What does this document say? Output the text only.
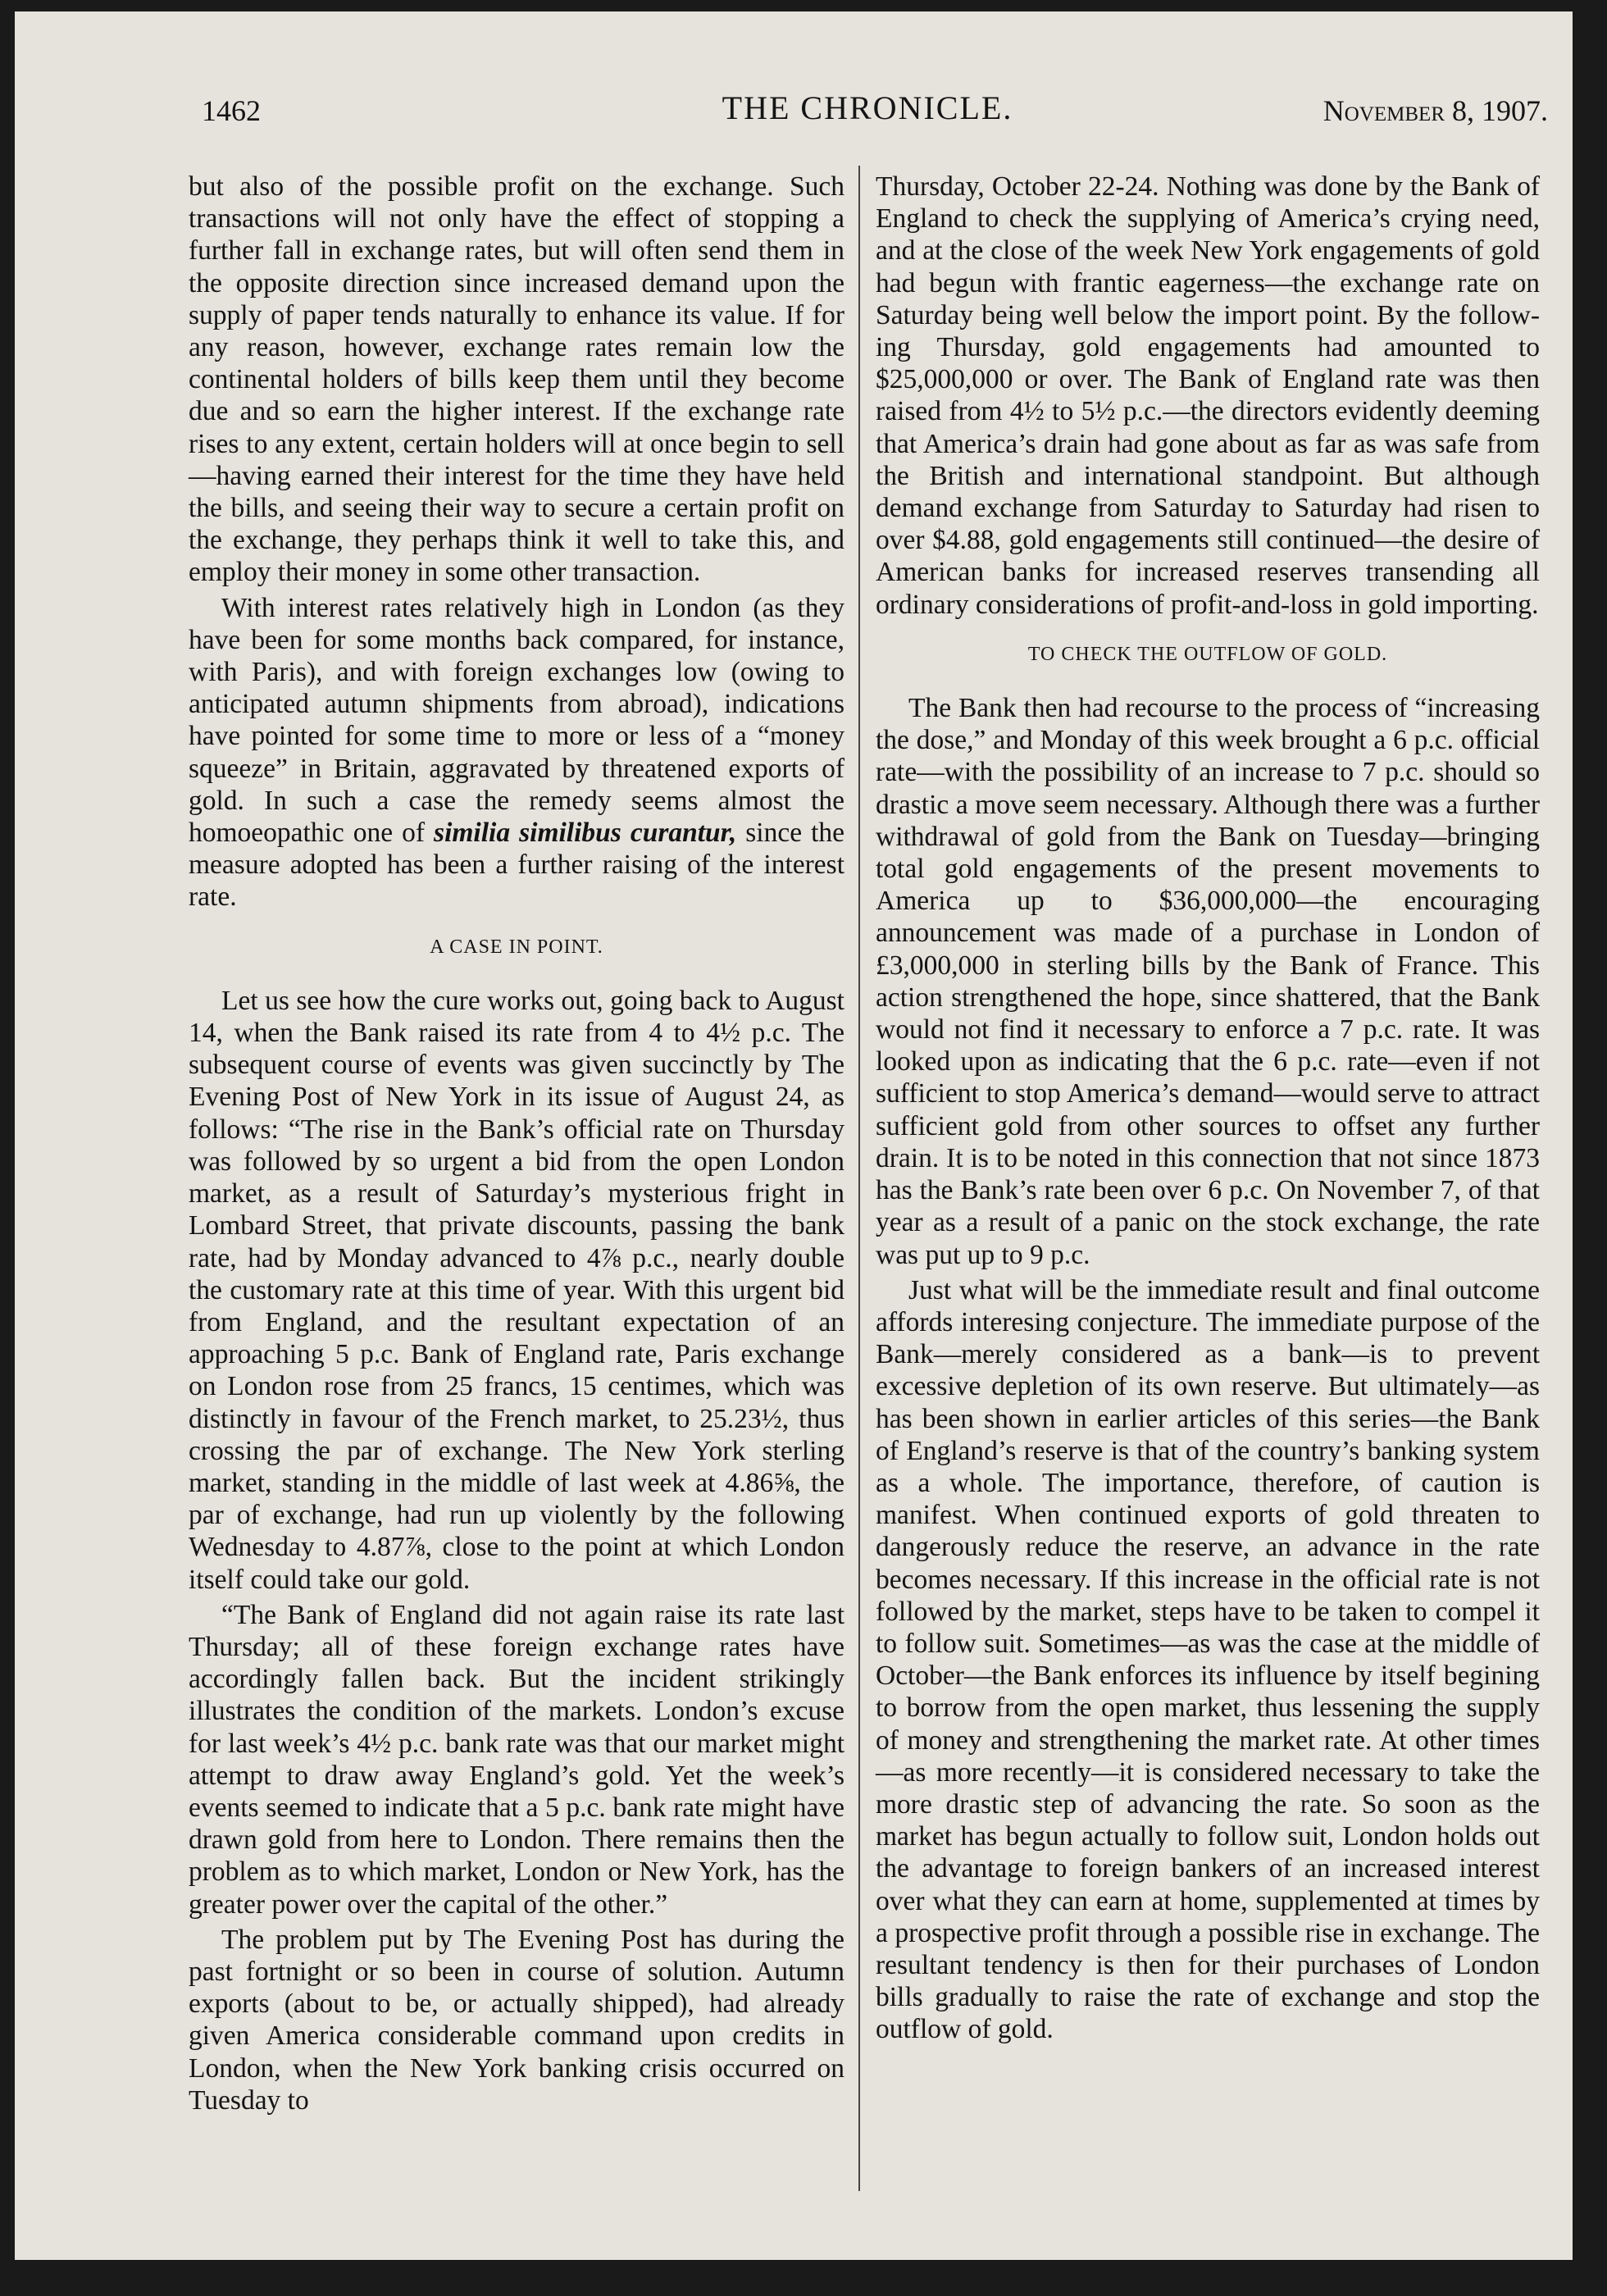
1462	THE CHRONICLE.	November 8, 1907.

but also of the possible profit on the exchange. Such transactions will not only have the effect of stopping a further fall in exchange rates, but will often send them in the opposite direction since increased demand upon the supply of paper tends naturally to enhance its value. If for any reason, however, exchange rates remain low the continental holders of bills keep them until they become due and so earn the higher interest. If the exchange rate rises to any extent, certain holders will at once begin to sell—having earned their interest for the time they have held the bills, and seeing their way to secure a certain profit on the exchange, they perhaps think it well to take this, and employ their money in some other transaction.

With interest rates relatively high in London (as they have been for some months back compared, for instance, with Paris), and with foreign exchanges low (owing to anticipated autumn shipments from abroad), indications have pointed for some time to more or less of a “money squeeze” in Britain, aggravated by threatened exports of gold. In such a case the remedy seems almost the homoeopathic one of similia similibus curantur, since the measure adopted has been a further raising of the interest rate.

A CASE IN POINT.

Let us see how the cure works out, going back to August 14, when the Bank raised its rate from 4 to 4½ p.c. The subsequent course of events was given succinctly by The Evening Post of New York in its issue of August 24, as follows: “The rise in the Bank’s official rate on Thursday was followed by so urgent a bid from the open London market, as a result of Saturday’s mysterious fright in Lombard Street, that private discounts, passing the bank rate, had by Monday advanced to 4⅞ p.c., nearly double the customary rate at this time of year. With this urgent bid from England, and the resultant expectation of an approaching 5 p.c. Bank of England rate, Paris exchange on London rose from 25 francs, 15 centimes, which was distinctly in favour of the French market, to 25.23½, thus crossing the par of exchange. The New York sterling market, standing in the middle of last week at 4.86⅝, the par of exchange, had run up violently by the following Wednesday to 4.87⅞, close to the point at which London itself could take our gold.

“The Bank of England did not again raise its rate last Thursday; all of these foreign exchange rates have accordingly fallen back. But the incident strikingly illustrates the condition of the markets. London’s excuse for last week’s 4½ p.c. bank rate was that our market might attempt to draw away England’s gold. Yet the week’s events seemed to indicate that a 5 p.c. bank rate might have drawn gold from here to London. There remains then the problem as to which market, London or New York, has the greater power over the capital of the other.”

The problem put by The Evening Post has during the past fortnight or so been in course of solution. Autumn exports (about to be, or actually shipped), had already given America considerable command upon credits in London, when the New York banking crisis occurred on Tuesday to

Thursday, October 22-24. Nothing was done by the Bank of England to check the supplying of America’s crying need, and at the close of the week New York engagements of gold had begun with frantic eagerness—the exchange rate on Saturday being well below the import point. By the following Thursday, gold engagements had amounted to $25,000,000 or over. The Bank of England rate was then raised from 4½ to 5½ p.c.—the directors evidently deeming that America’s drain had gone about as far as was safe from the British and international standpoint. But although demand exchange from Saturday to Saturday had risen to over $4.88, gold engagements still continued—the desire of American banks for increased reserves transending all ordinary considerations of profit-and-loss in gold importing.

TO CHECK THE OUTFLOW OF GOLD.

The Bank then had recourse to the process of “increasing the dose,” and Monday of this week brought a 6 p.c. official rate—with the possibility of an increase to 7 p.c. should so drastic a move seem necessary. Although there was a further withdrawal of gold from the Bank on Tuesday—bringing total gold engagements of the present movements to America up to $36,000,000—the encouraging announcement was made of a purchase in London of £3,000,000 in sterling bills by the Bank of France. This action strengthened the hope, since shattered, that the Bank would not find it necessary to enforce a 7 p.c. rate. It was looked upon as indicating that the 6 p.c. rate—even if not sufficient to stop America’s demand—would serve to attract sufficient gold from other sources to offset any further drain. It is to be noted in this connection that not since 1873 has the Bank’s rate been over 6 p.c. On November 7, of that year as a result of a panic on the stock exchange, the rate was put up to 9 p.c.

Just what will be the immediate result and final outcome affords interesing conjecture. The immediate purpose of the Bank—merely considered as a bank—is to prevent excessive depletion of its own reserve. But ultimately—as has been shown in earlier articles of this series—the Bank of England’s reserve is that of the country’s banking system as a whole. The importance, therefore, of caution is manifest. When continued exports of gold threaten to dangerously reduce the reserve, an advance in the rate becomes necessary. If this increase in the official rate is not followed by the market, steps have to be taken to compel it to follow suit. Sometimes—as was the case at the middle of October—the Bank enforces its influence by itself begining to borrow from the open market, thus lessening the supply of money and strengthening the market rate. At other times—as more recently—it is considered necessary to take the more drastic step of advancing the rate. So soon as the market has begun actually to follow suit, London holds out the advantage to foreign bankers of an increased interest over what they can earn at home, supplemented at times by a prospective profit through a possible rise in exchange. The resultant tendency is then for their purchases of London bills gradually to raise the rate of exchange and stop the outflow of gold.
